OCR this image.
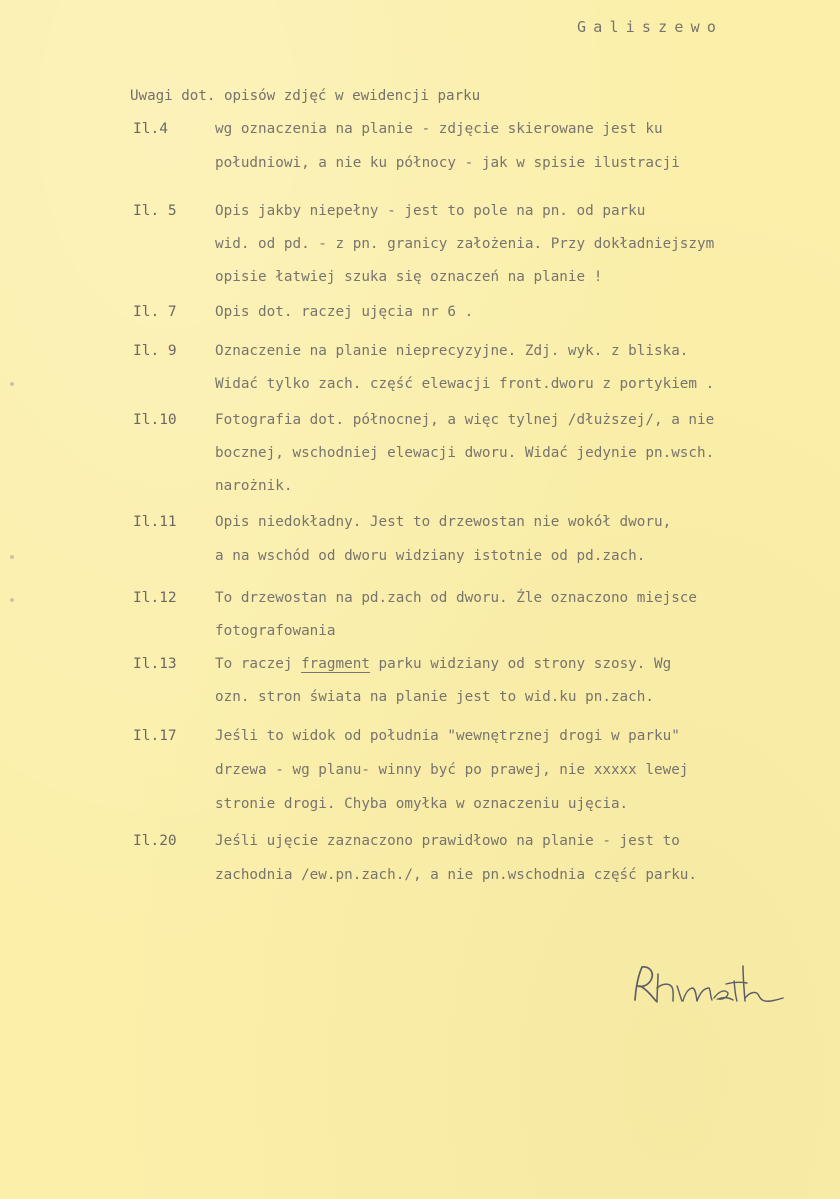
Galiszewo
Uwagi dot. opisów zdjęć w ewidencji parku
Il.4	wg oznaczenia na planie - zdjęcie skierowane jest ku
południowi, a nie ku północy - jak w spisie ilustracji
Il. 5	Opis jakby niepełny - jest to pole na pn. od parku
wid. od pd. - z pn. granicy założenia. Przy dokładniejszym
opisie łatwiej szuka się oznaczeń na planie !
Il. 7	Opis dot. raczej ujęcia nr 6 .
Il. 9	Oznaczenie na planie nieprecyzyjne. Zdj. wyk. z bliska.
Widać tylko zach. część elewacji front.dworu z portykiem .
Il.10	Fotografia dot. północnej, a więc tylnej /dłuższej/, a nie
bocznej, wschodniej elewacji dworu. Widać jedynie pn.wsch.
narożnik.
Il.11	Opis niedokładny. Jest to drzewostan nie wokół dworu,
a na wschód od dworu widziany istotnie od pd.zach.
Il.12	To drzewostan na pd.zach od dworu. Źle oznaczono miejsce
fotografowania
Il.13	To raczej fragment parku widziany od strony szosy. Wg
ozn. stron świata na planie jest to wid.ku pn.zach.
Il.17	Jeśli to widok od południa "wewnętrznej drogi w parku"
drzewa - wg planu- winny być po prawej, nie xxxxx lewej
stronie drogi. Chyba omyłka w oznaczeniu ujęcia.
Il.20	Jeśli ujęcie zaznaczono prawidłowo na planie - jest to
zachodnia /ew.pn.zach./, a nie pn.wschodnia część parku.
